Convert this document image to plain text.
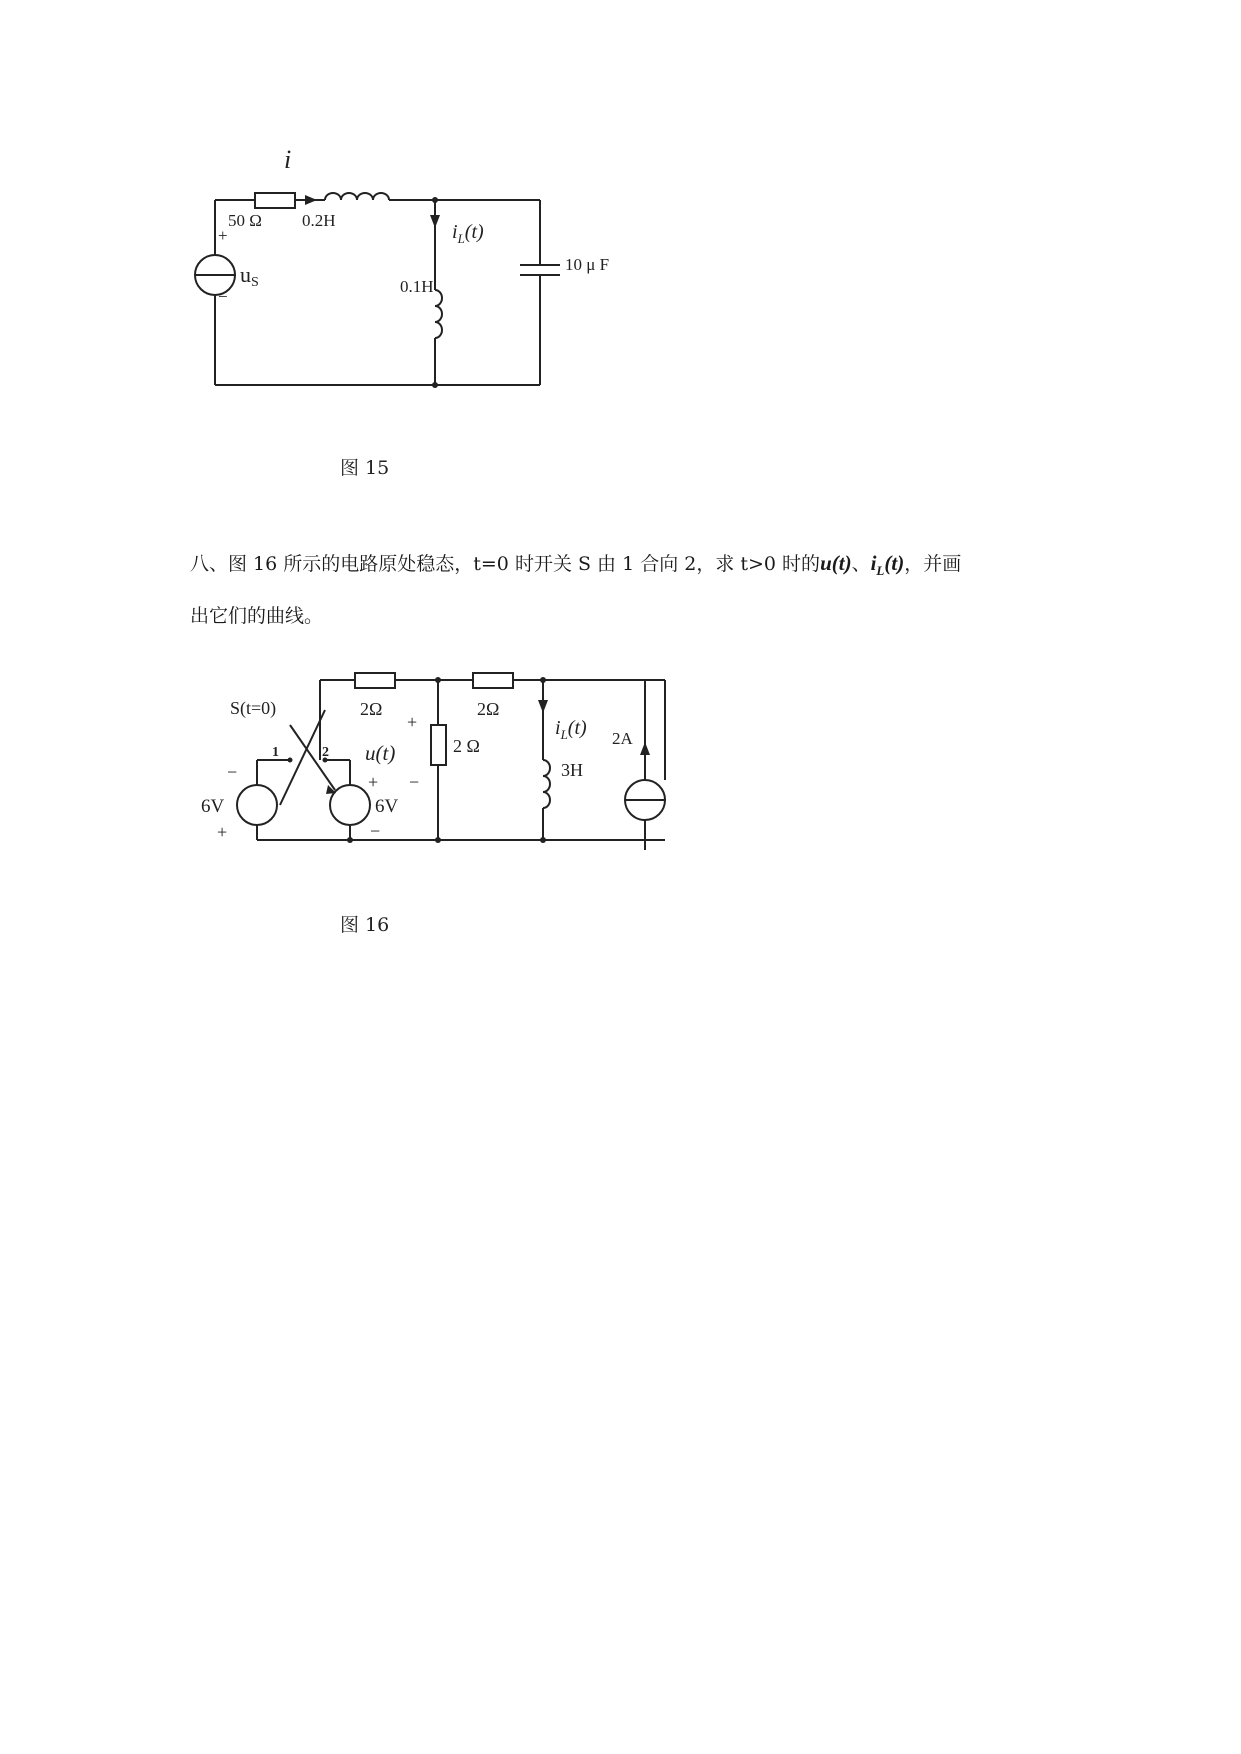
i
50 Ω 0.2H
0.1H
10 μ F
+
−
uS
$i_L(t)$
图 15
八、图 16 所示的电路原处稳态，t=0 时开关 S 由 1 合向 2，求 t>0 时的u(t)、$i_L(t)$，并画
出它们的曲线。
S(t=0)
1	2
−
6V
+
+
6V
−
u(t)
+
−
2Ω
2 Ω
2Ω
$i_L(t)$
3H
2A
图 16
